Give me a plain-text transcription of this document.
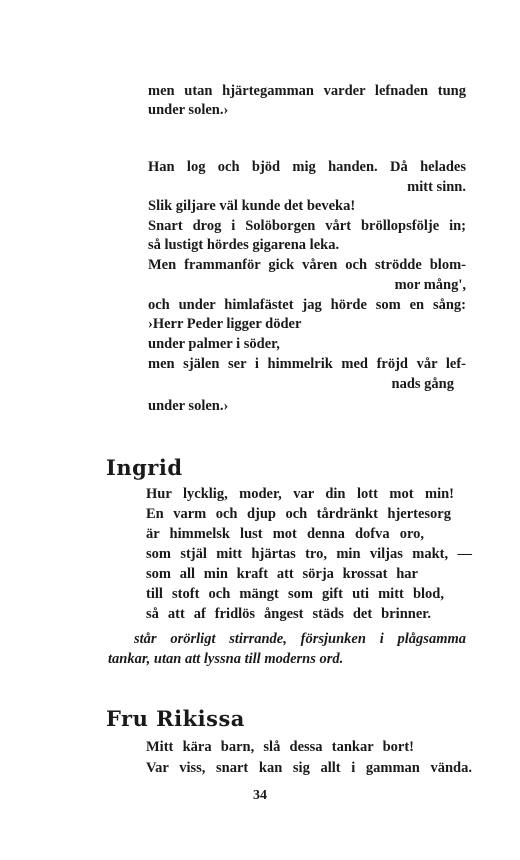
men utan hjärtegamman varder lefnaden tung
under solen.›
Han log och bjöd mig handen. Då helades
mitt sinn.
Slik giljare väl kunde det beveka!
Snart drog i Solöborgen vårt bröllopsfölje in;
så lustigt hördes gigarena leka.
Men frammanför gick våren och strödde blom-
mor mång',
och under himlafästet jag hörde som en sång:
›Herr Peder ligger döder
under palmer i söder,
men själen ser i himmelrik med fröjd vår lef-
nads gång
under solen.›
Ingrid
Hur lycklig, moder, var din lott mot min!
En varm och djup och tårdränkt hjertesorg
är himmelsk lust mot denna dofva oro,
som stjäl mitt hjärtas tro, min viljas makt, —
som all min kraft att sörja krossat har
till stoft och mängt som gift uti mitt blod,
så att af fridlös ångest städs det brinner.
står orörligt stirrande, försjunken i plågsamma
tankar, utan att lyssna till moderns ord.
Fru Rikissa
Mitt kära barn, slå dessa tankar bort!
Var viss, snart kan sig allt i gamman vända.
34
